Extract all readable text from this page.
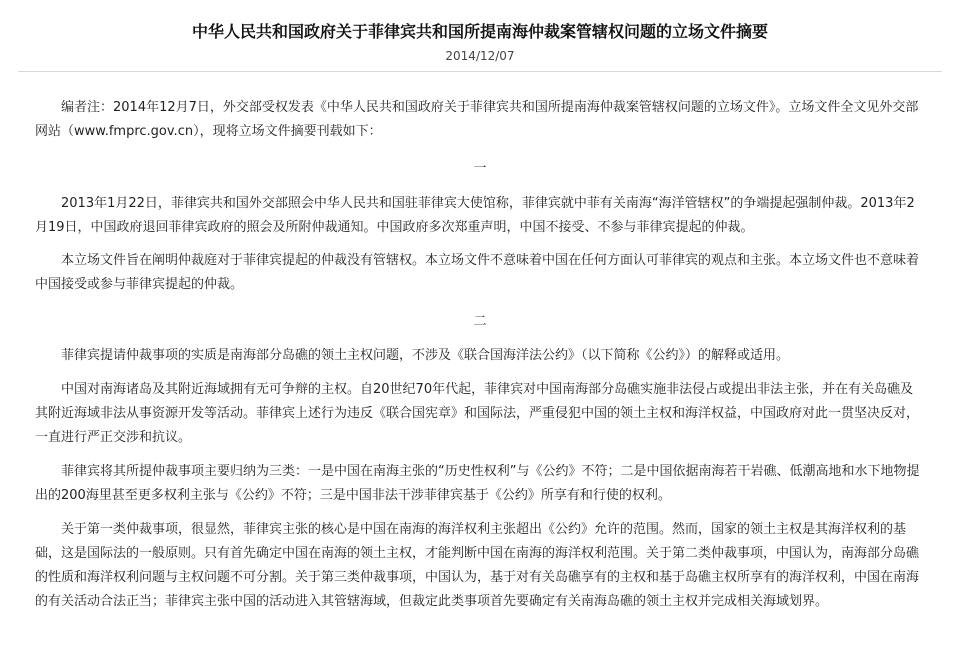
中华人民共和国政府关于菲律宾共和国所提南海仲裁案管辖权问题的立场文件摘要
2014/12/07

编者注：2014年12月7日，外交部受权发表《中华人民共和国政府关于菲律宾共和国所提南海仲裁案管辖权问题的立场文件》。立场文件全文见外交部网站（www.fmprc.gov.cn），现将立场文件摘要刊载如下：

一

2013年1月22日，菲律宾共和国外交部照会中华人民共和国驻菲律宾大使馆称，菲律宾就中菲有关南海“海洋管辖权”的争端提起强制仲裁。2013年2月19日，中国政府退回菲律宾政府的照会及所附仲裁通知。中国政府多次郑重声明，中国不接受、不参与菲律宾提起的仲裁。

本立场文件旨在阐明仲裁庭对于菲律宾提起的仲裁没有管辖权。本立场文件不意味着中国在任何方面认可菲律宾的观点和主张。本立场文件也不意味着中国接受或参与菲律宾提起的仲裁。

二

菲律宾提请仲裁事项的实质是南海部分岛礁的领土主权问题，不涉及《联合国海洋法公约》（以下简称《公约》）的解释或适用。

中国对南海诸岛及其附近海域拥有无可争辩的主权。自20世纪70年代起，菲律宾对中国南海部分岛礁实施非法侵占或提出非法主张，并在有关岛礁及其附近海域非法从事资源开发等活动。菲律宾上述行为违反《联合国宪章》和国际法，严重侵犯中国的领土主权和海洋权益，中国政府对此一贯坚决反对，一直进行严正交涉和抗议。

菲律宾将其所提仲裁事项主要归纳为三类：一是中国在南海主张的“历史性权利”与《公约》不符；二是中国依据南海若干岩礁、低潮高地和水下地物提出的200海里甚至更多权利主张与《公约》不符；三是中国非法干涉菲律宾基于《公约》所享有和行使的权利。

关于第一类仲裁事项，很显然，菲律宾主张的核心是中国在南海的海洋权利主张超出《公约》允许的范围。然而，国家的领土主权是其海洋权利的基础，这是国际法的一般原则。只有首先确定中国在南海的领土主权，才能判断中国在南海的海洋权利范围。关于第二类仲裁事项，中国认为，南海部分岛礁的性质和海洋权利问题与主权问题不可分割。关于第三类仲裁事项，中国认为，基于对有关岛礁享有的主权和基于岛礁主权所享有的海洋权利，中国在南海的有关活动合法正当；菲律宾主张中国的活动进入其管辖海域，但裁定此类事项首先要确定有关南海岛礁的领土主权并完成相关海域划界。
